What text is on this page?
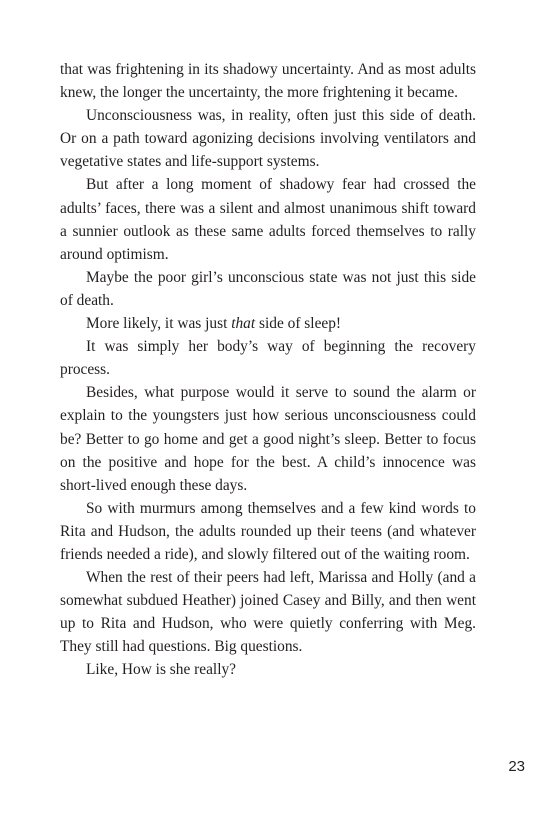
that was frightening in its shadowy uncertainty. And as most adults knew, the longer the uncertainty, the more frightening it became.

Unconsciousness was, in reality, often just this side of death. Or on a path toward agonizing decisions involving ventilators and vegetative states and life-support systems.

But after a long moment of shadowy fear had crossed the adults’ faces, there was a silent and almost unanimous shift toward a sunnier outlook as these same adults forced themselves to rally around optimism.

Maybe the poor girl’s unconscious state was not just this side of death.

More likely, it was just that side of sleep!

It was simply her body’s way of beginning the recovery process.

Besides, what purpose would it serve to sound the alarm or explain to the youngsters just how serious unconsciousness could be? Better to go home and get a good night’s sleep. Better to focus on the positive and hope for the best. A child’s innocence was short-lived enough these days.

So with murmurs among themselves and a few kind words to Rita and Hudson, the adults rounded up their teens (and whatever friends needed a ride), and slowly filtered out of the waiting room.

When the rest of their peers had left, Marissa and Holly (and a somewhat subdued Heather) joined Casey and Billy, and then went up to Rita and Hudson, who were quietly conferring with Meg. They still had questions. Big questions.

Like, How is she really?

23
